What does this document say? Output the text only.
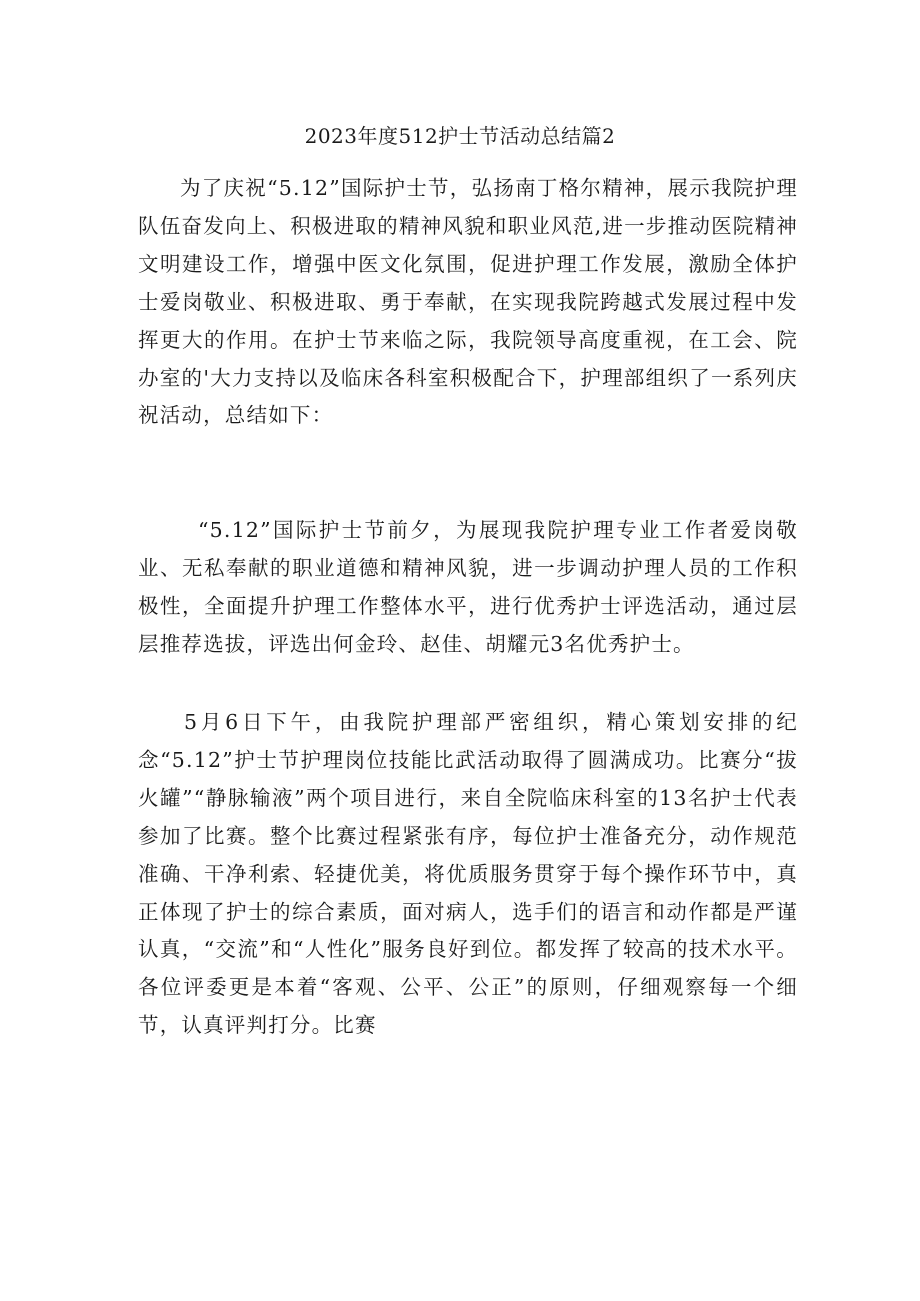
2023年度512护士节活动总结篇2

为了庆祝“5.12”国际护士节，弘扬南丁格尔精神，展示我院护理队伍奋发向上、积极进取的精神风貌和职业风范,进一步推动医院精神文明建设工作，增强中医文化氛围，促进护理工作发展，激励全体护士爱岗敬业、积极进取、勇于奉献，在实现我院跨越式发展过程中发挥更大的作用。在护士节来临之际，我院领导高度重视，在工会、院办室的'大力支持以及临床各科室积极配合下，护理部组织了一系列庆祝活动，总结如下：

“5.12”国际护士节前夕，为展现我院护理专业工作者爱岗敬业、无私奉献的职业道德和精神风貌，进一步调动护理人员的工作积极性，全面提升护理工作整体水平，进行优秀护士评选活动，通过层层推荐选拔，评选出何金玲、赵佳、胡耀元3名优秀护士。

5月6日下午，由我院护理部严密组织，精心策划安排的纪念“5.12”护士节护理岗位技能比武活动取得了圆满成功。比赛分“拔火罐”“静脉输液”两个项目进行，来自全院临床科室的13名护士代表参加了比赛。整个比赛过程紧张有序，每位护士准备充分，动作规范准确、干净利索、轻捷优美，将优质服务贯穿于每个操作环节中，真正体现了护士的综合素质，面对病人，选手们的语言和动作都是严谨认真，“交流”和“人性化”服务良好到位。都发挥了较高的技术水平。各位评委更是本着“客观、公平、公正”的原则，仔细观察每一个细节，认真评判打分。比赛
